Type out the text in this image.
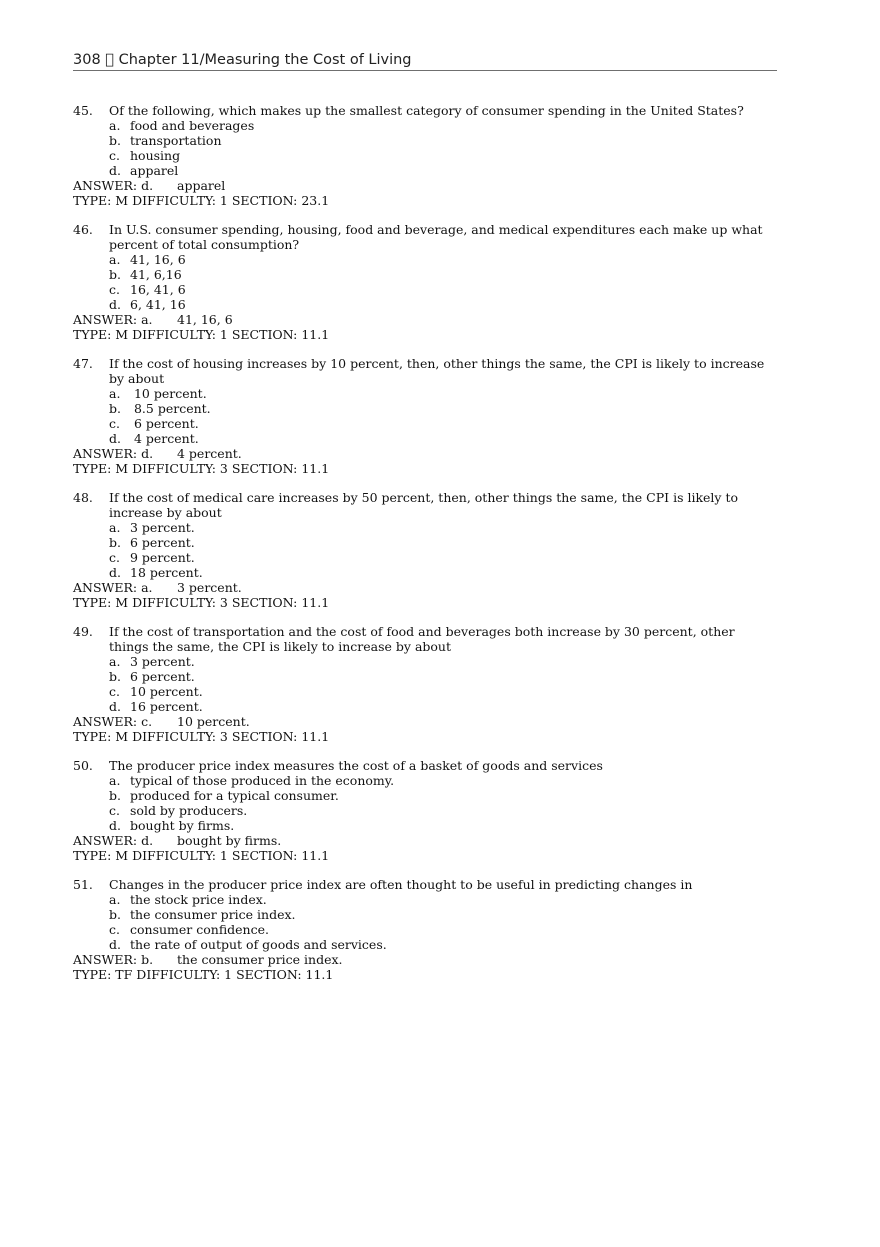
308   Chapter 11/Measuring the Cost of Living
45.	Of the following, which makes up the smallest category of consumer spending in the United States?
a. food and beverages
b. transportation
c. housing
d. apparel
ANSWER: d.	apparel
TYPE: M DIFFICULTY: 1 SECTION: 23.1
46.	In U.S. consumer spending, housing, food and beverage, and medical expenditures each make up what percent of total consumption?
a. 41, 16, 6
b. 41, 6,16
c. 16, 41, 6
d. 6, 41, 16
ANSWER: a.	41, 16, 6
TYPE: M DIFFICULTY: 1 SECTION: 11.1
47.	If the cost of housing increases by 10 percent, then, other things the same, the CPI is likely to increase by about
a. 10 percent.
b. 8.5 percent.
c. 6 percent.
d. 4 percent.
ANSWER: d.	4 percent.
TYPE: M DIFFICULTY: 3 SECTION: 11.1
48.	If the cost of medical care increases by 50 percent, then, other things the same, the CPI is likely to increase by about
a. 3 percent.
b. 6 percent.
c. 9 percent.
d. 18 percent.
ANSWER: a.	3 percent.
TYPE: M DIFFICULTY: 3 SECTION: 11.1
49.	If the cost of transportation and the cost of food and beverages both increase by 30 percent, other things the same, the CPI is likely to increase by about
a. 3 percent.
b. 6 percent.
c. 10 percent.
d. 16 percent.
ANSWER: c.	10 percent.
TYPE: M DIFFICULTY: 3 SECTION: 11.1
50.	The producer price index measures the cost of a basket of goods and services
a. typical of those produced in the economy.
b. produced for a typical consumer.
c. sold by producers.
d. bought by firms.
ANSWER: d.	bought by firms.
TYPE: M DIFFICULTY: 1 SECTION: 11.1
51.	Changes in the producer price index are often thought to be useful in predicting changes in
a. the stock price index.
b. the consumer price index.
c. consumer confidence.
d. the rate of output of goods and services.
ANSWER: b.	the consumer price index.
TYPE: TF DIFFICULTY: 1 SECTION: 11.1
